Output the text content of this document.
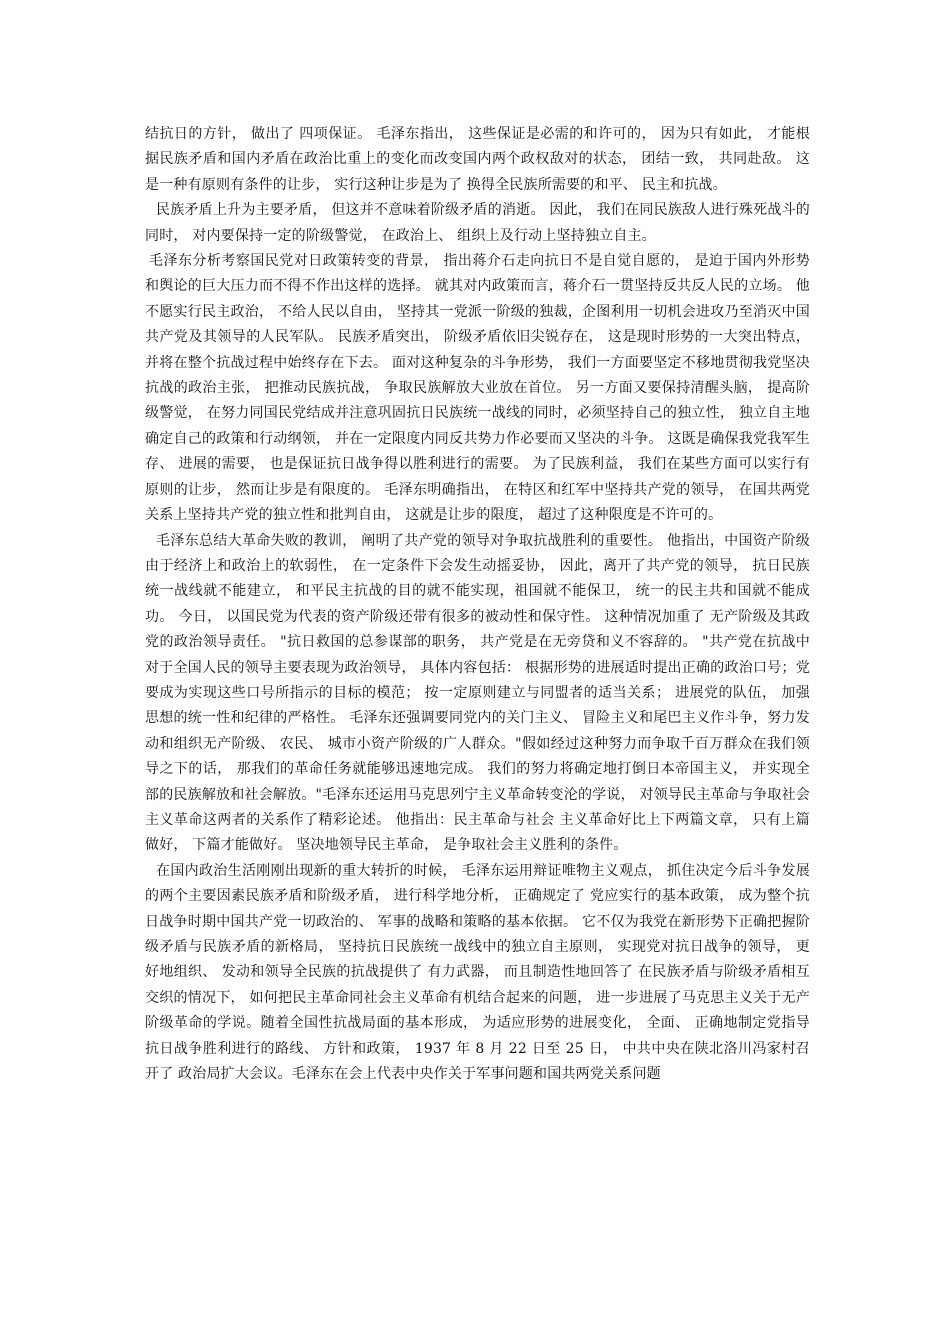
结抗日的方针， 做出了 四项保证。 毛泽东指出， 这些保证是必需的和许可的， 因为只有如此， 才能根据民族矛盾和国内矛盾在政治比重上的变化而改变国内两个政权敌对的状态， 团结一致， 共同赴敌。 这是一种有原则有条件的让步， 实行这种让步是为了 换得全民族所需要的和平、 民主和抗战。

民族矛盾上升为主要矛盾， 但这并不意味着阶级矛盾的消逝。 因此， 我们在同民族敌人进行殊死战斗的同时， 对内要保持一定的阶级警觉， 在政治上、 组织上及行动上坚持独立自主。

毛泽东分析考察国民党对日政策转变的背景， 指出蒋介石走向抗日不是自觉自愿的， 是迫于国内外形势和舆论的巨大压力而不得不作出这样的选择。 就其对内政策而言，蒋介石一贯坚持反共反人民的立场。 他不愿实行民主政治， 不给人民以自由， 坚持其一党派一阶级的独裁，企图利用一切机会进攻乃至消灭中国共产党及其领导的人民军队。 民族矛盾突出， 阶级矛盾依旧尖锐存在， 这是现时形势的一大突出特点， 并将在整个抗战过程中始终存在下去。 面对这种复杂的斗争形势， 我们一方面要坚定不移地贯彻我党坚决抗战的政治主张， 把推动民族抗战， 争取民族解放大业放在首位。 另一方面又要保持清醒头脑， 提高阶级警觉， 在努力同国民党结成并注意巩固抗日民族统一战线的同时，必须坚持自己的独立性， 独立自主地确定自己的政策和行动纲领， 并在一定限度内同反共势力作必要而又坚决的斗争。 这既是确保我党我军生存、 进展的需要， 也是保证抗日战争得以胜利进行的需要。 为了民族利益， 我们在某些方面可以实行有原则的让步， 然而让步是有限度的。 毛泽东明确指出， 在特区和红军中坚持共产党的领导， 在国共两党关系上坚持共产党的独立性和批判自由， 这就是让步的限度， 超过了这种限度是不许可的。

毛泽东总结大革命失败的教训， 阐明了共产党的领导对争取抗战胜利的重要性。 他指出，中国资产阶级由于经济上和政治上的软弱性， 在一定条件下会发生动摇妥协， 因此，离开了共产党的领导， 抗日民族统一战线就不能建立， 和平民主抗战的目的就不能实现，祖国就不能保卫， 统一的民主共和国就不能成功。 今日， 以国民党为代表的资产阶级还带有很多的被动性和保守性。 这种情况加重了 无产阶级及其政党的政治领导责任。 "抗日救国的总参谋部的职务， 共产党是在无旁贷和义不容辞的。 "共产党在抗战中对于全国人民的领导主要表现为政治领导， 具体内容包括： 根据形势的进展适时提出正确的政治口号；党要成为实现这些口号所指示的目标的模范； 按一定原则建立与同盟者的适当关系； 进展党的队伍， 加强思想的统一性和纪律的严格性。 毛泽东还强调要同党内的关门主义、 冒险主义和尾巴主义作斗争，努力发动和组织无产阶级、 农民、 城市小资产阶级的广人群众。"假如经过这种努力而争取千百万群众在我们领导之下的话， 那我们的革命任务就能够迅速地完成。 我们的努力将确定地打倒日本帝国主义， 并实现全部的民族解放和社会解放。"毛泽东还运用马克思列宁主义革命转变沦的学说， 对领导民主革命与争取社会主义革命这两者的关系作了精彩论述。 他指出：民主革命与社会 主义革命好比上下两篇文章， 只有上篇做好， 下篇才能做好。 坚决地领导民主革命， 是争取社会主义胜利的条件。

在国内政治生活刚刚出现新的重大转折的时候， 毛泽东运用辩证唯物主义观点， 抓住决定今后斗争发展的两个主要因素民族矛盾和阶级矛盾， 进行科学地分析， 正确规定了 党应实行的基本政策， 成为整个抗日战争时期中国共产党一切政治的、 军事的战略和策略的基本依据。 它不仅为我党在新形势下正确把握阶级矛盾与民族矛盾的新格局， 坚持抗日民族统一战线中的独立自主原则， 实现党对抗日战争的领导， 更好地组织、 发动和领导全民族的抗战提供了 有力武器， 而且制造性地回答了 在民族矛盾与阶级矛盾相互交织的情况下， 如何把民主革命同社会主义革命有机结合起来的问题， 进一步进展了马克思主义关于无产阶级革命的学说。随着全国性抗战局面的基本形成， 为适应形势的进展变化， 全面、 正确地制定党指导抗日战争胜利进行的路线、 方针和政策， 1937 年 8 月 22 日至 25 日， 中共中央在陕北洛川冯家村召开了 政治局扩大会议。毛泽东在会上代表中央作关于军事问题和国共两党关系问题
